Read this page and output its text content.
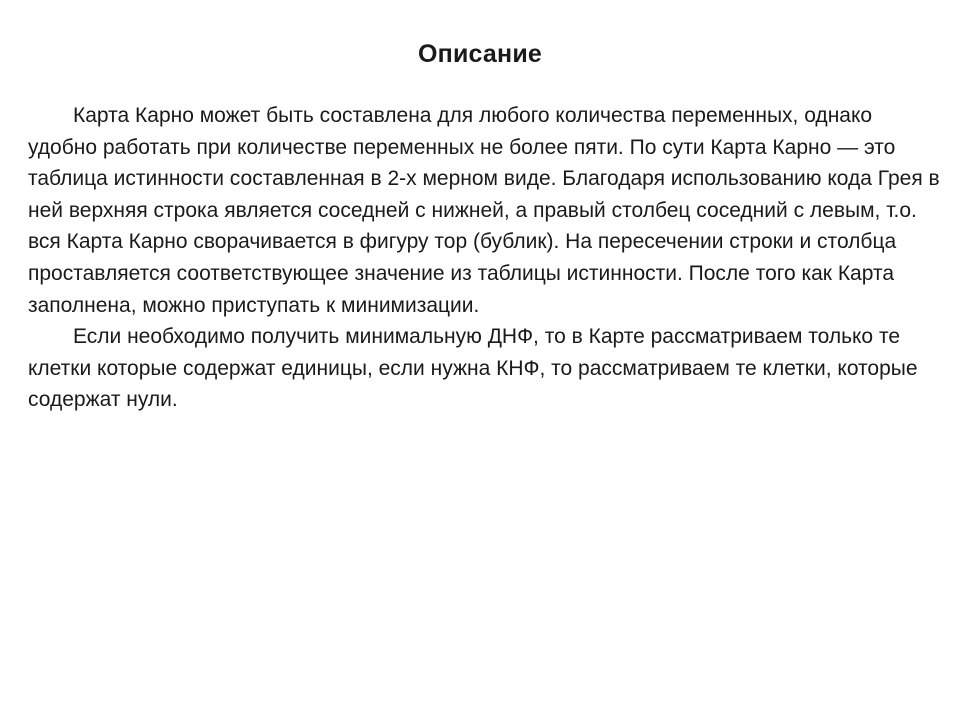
Описание

Карта Карно может быть составлена для любого количества переменных, однако удобно работать при количестве переменных не более пяти. По сути Карта Карно — это таблица истинности составленная в 2-х мерном виде. Благодаря использованию кода Грея в ней верхняя строка является соседней с нижней, а правый столбец соседний с левым, т.о. вся Карта Карно сворачивается в фигуру тор (бублик). На пересечении строки и столбца проставляется соответствующее значение из таблицы истинности. После того как Карта заполнена, можно приступать к минимизации.

Если необходимо получить минимальную ДНФ, то в Карте рассматриваем только те клетки которые содержат единицы, если нужна КНФ, то рассматриваем те клетки, которые содержат нули.
